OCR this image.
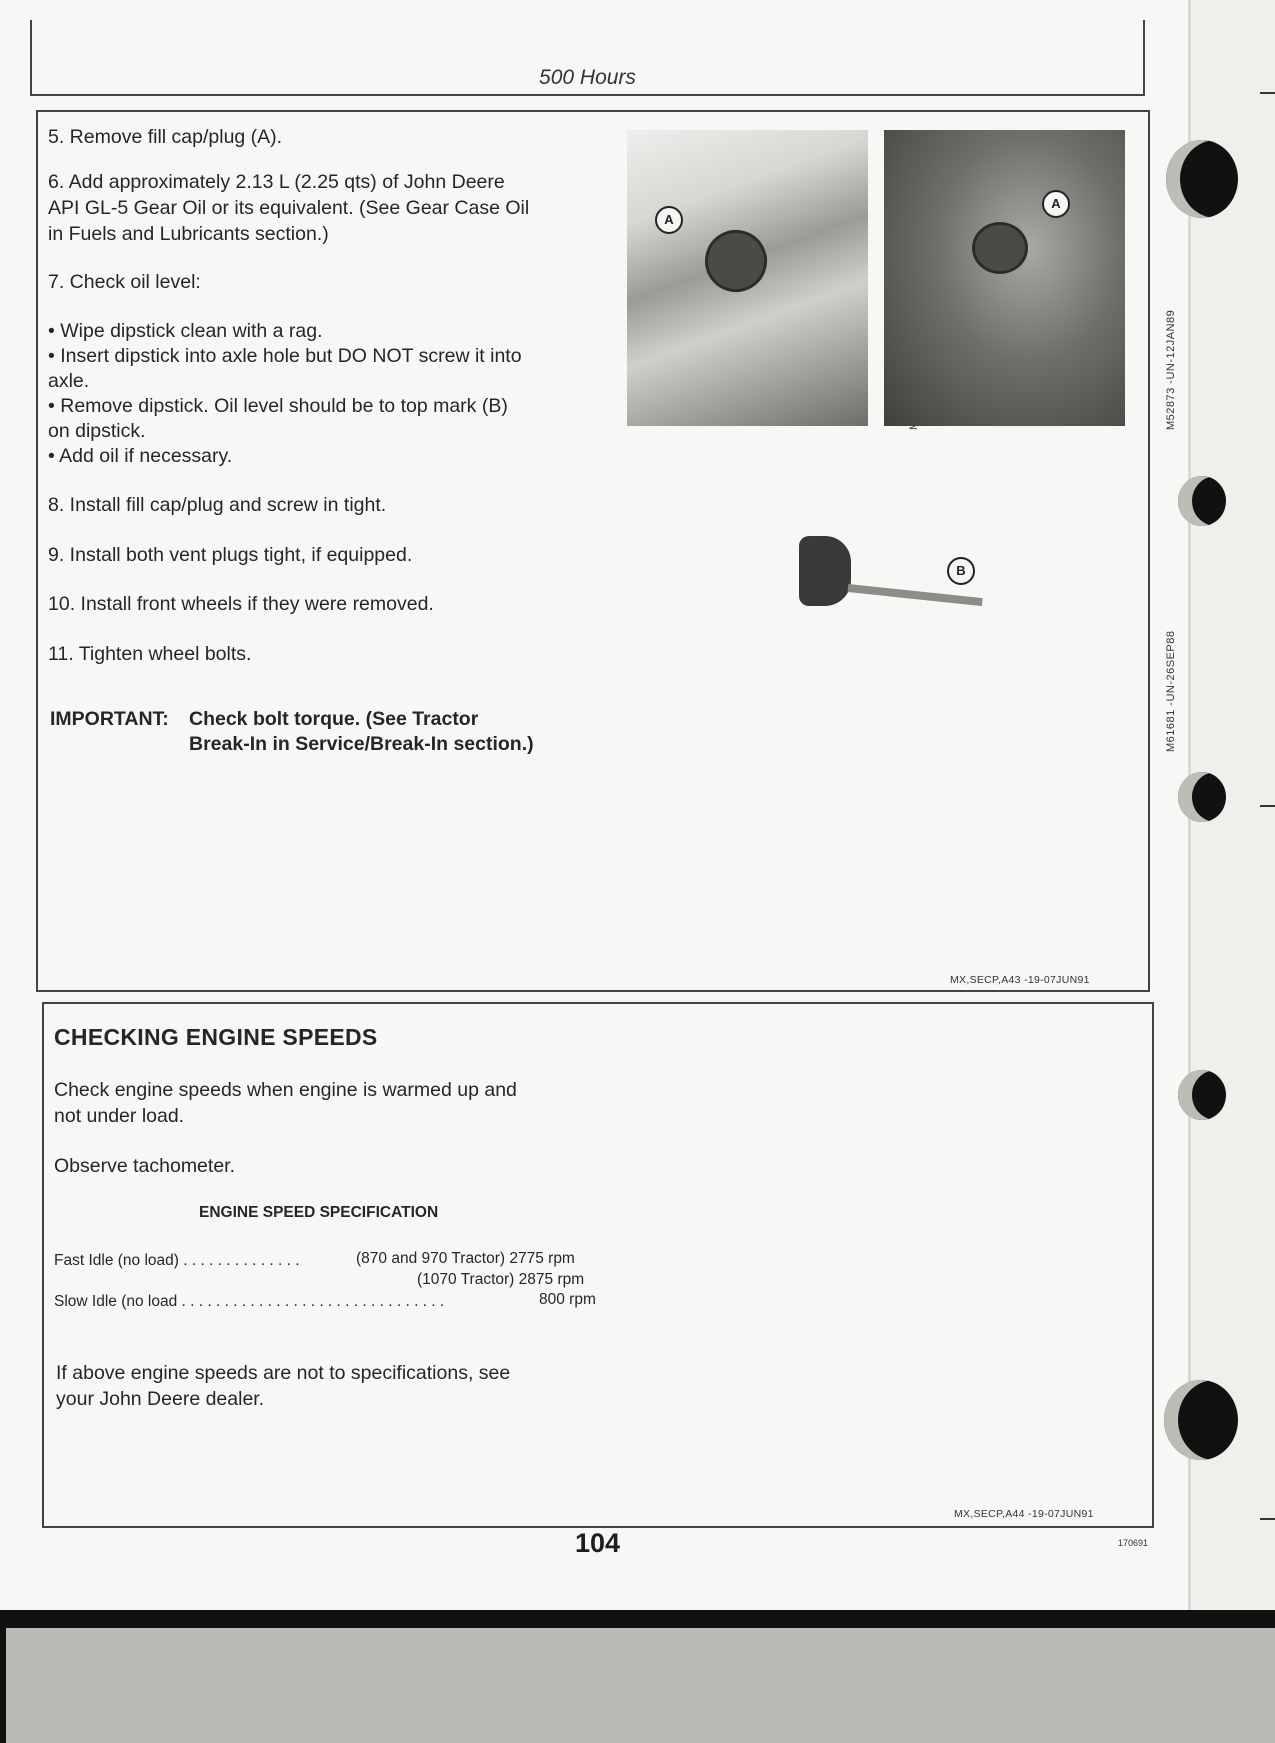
500 Hours
5. Remove fill cap/plug (A).
6. Add approximately 2.13 L (2.25 qts) of John Deere
API GL-5 Gear Oil or its equivalent. (See Gear Case Oil
in Fuels and Lubricants section.)
7. Check oil level:
• Wipe dipstick clean with a rag.
• Insert dipstick into axle hole but DO NOT screw it into
axle.
• Remove dipstick. Oil level should be to top mark (B)
on dipstick.
• Add oil if necessary.
8. Install fill cap/plug and screw in tight.
9. Install both vent plugs tight, if equipped.
10. Install front wheels if they were removed.
11. Tighten wheel bolts.
IMPORTANT: Check bolt torque. (See Tractor
Break-In in Service/Break-In section.)
A
A
M52873 -UN-12JAN89
B
M61681 -UN-26SEP88
MX,SECP,A43 -19-07JUN91
CHECKING ENGINE SPEEDS
Check engine speeds when engine is warmed up and
not under load.
Observe tachometer.
ENGINE SPEED SPECIFICATION
Fast Idle (no load) . . . . . . . . . . . . . .	(870 and 970 Tractor) 2775 rpm
(1070 Tractor) 2875 rpm
Slow Idle (no load . . . . . . . . . . . . . . . . . . . . . . . . . . . . . . .	800 rpm
If above engine speeds are not to specifications, see
your John Deere dealer.
MX,SECP,A44 -19-07JUN91
104	170691
